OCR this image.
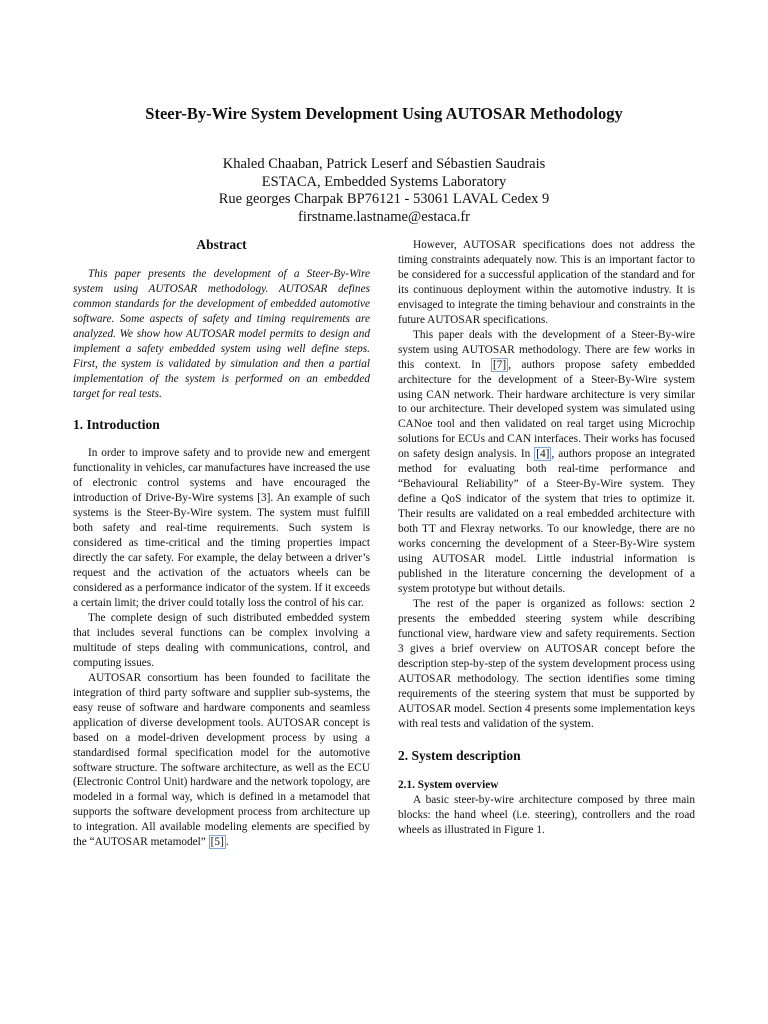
Steer-By-Wire System Development Using AUTOSAR Methodology
Khaled Chaaban, Patrick Leserf and Sébastien Saudrais
ESTACA, Embedded Systems Laboratory
Rue georges Charpak BP76121 - 53061 LAVAL Cedex 9
firstname.lastname@estaca.fr
Abstract

This paper presents the development of a Steer-By-Wire system using AUTOSAR methodology. AUTOSAR defines common standards for the development of embedded automotive software. Some aspects of safety and timing requirements are analyzed. We show how AUTOSAR model permits to design and implement a safety embedded system using well define steps. First, the system is validated by simulation and then a partial implementation of the system is performed on an embedded target for real tests.

1. Introduction

In order to improve safety and to provide new and emergent functionality in vehicles, car manufactures have increased the use of electronic control systems and have encouraged the introduction of Drive-By-Wire systems [3]. An example of such systems is the Steer-By-Wire system. The system must fulfill both safety and real-time requirements. Such system is considered as time-critical and the timing properties impact directly the car safety. For example, the delay between a driver’s request and the activation of the actuators wheels can be considered as a performance indicator of the system. If it exceeds a certain limit; the driver could totally loss the control of his car.

The complete design of such distributed embedded system that includes several functions can be complex involving a multitude of steps dealing with communications, control, and computing issues.

AUTOSAR consortium has been founded to facilitate the integration of third party software and supplier sub-systems, the easy reuse of software and hardware components and seamless application of diverse development tools. AUTOSAR concept is based on a model-driven development process by using a standardised formal specification model for the automotive software structure. The software architecture, as well as the ECU (Electronic Control Unit) hardware and the network topology, are modeled in a formal way, which is defined in a metamodel that supports the software development process from architecture up to integration. All available modeling elements are specified by the “AUTOSAR metamodel” [5] .

However, AUTOSAR specifications does not address the timing constraints adequately now. This is an important factor to be considered for a successful application of the standard and for its continuous deployment within the automotive industry. It is envisaged to integrate the timing behaviour and constraints in the future AUTOSAR specifications.

This paper deals with the development of a Steer-By-wire system using AUTOSAR methodology. There are few works in this context. In [7] , authors propose safety embedded architecture for the development of a Steer-By-Wire system using CAN network. Their hardware architecture is very similar to our architecture. Their developed system was simulated using CANoe tool and then validated on real target using Microchip solutions for ECUs and CAN interfaces. Their works has focused on safety design analysis. In [4] , authors propose an integrated method for evaluating both real-time performance and “Behavioural Reliability” of a Steer-By-Wire system. They define a QoS indicator of the system that tries to optimize it. Their results are validated on a real embedded architecture with both TT and Flexray networks. To our knowledge, there are no works concerning the development of a Steer-By-Wire system using AUTOSAR model. Little industrial information is published in the literature concerning the development of a system prototype but without details.

The rest of the paper is organized as follows: section 2 presents the embedded steering system while describing functional view, hardware view and safety requirements. Section 3 gives a brief overview on AUTOSAR concept before the description step-by-step of the system development process using AUTOSAR methodology. The section identifies some timing requirements of the steering system that must be supported by AUTOSAR model. Section 4 presents some implementation keys with real tests and validation of the system.

2. System description
2.1. System overview

A basic steer-by-wire architecture composed by three main blocks: the hand wheel (i.e. steering), controllers and the road wheels as illustrated in Figure 1.
